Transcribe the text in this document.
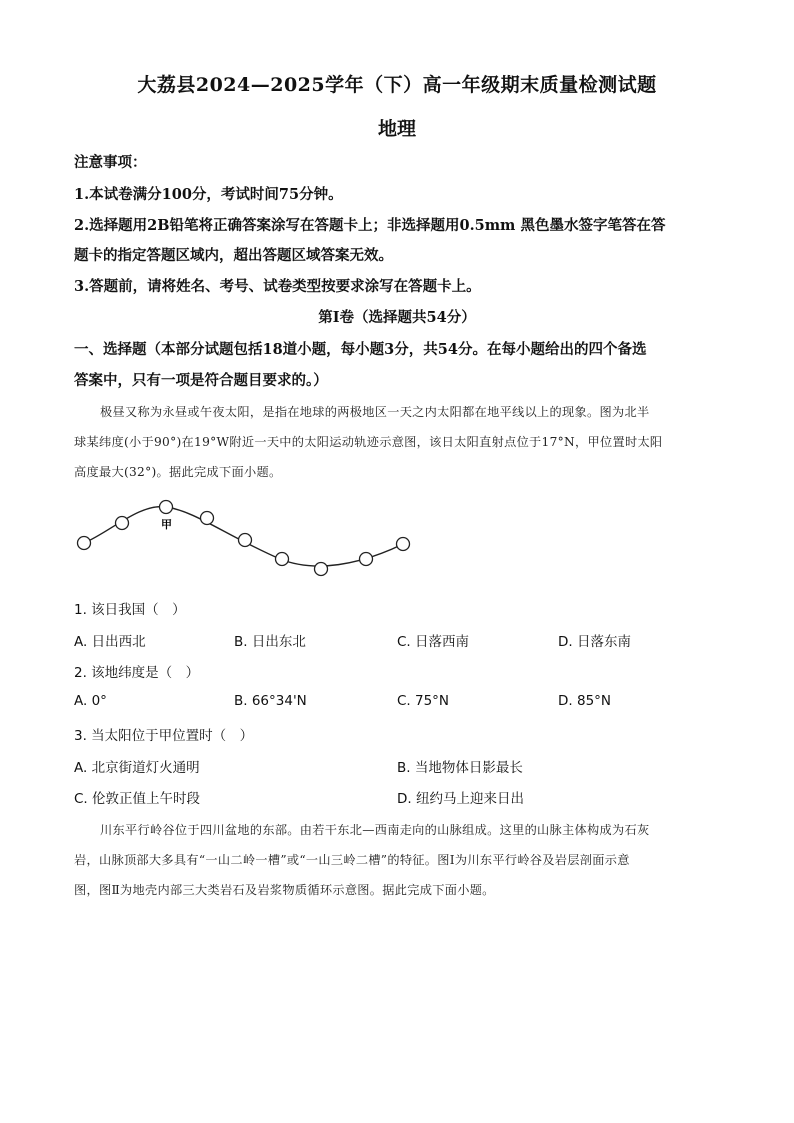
大荔县2024—2025学年（下）高一年级期末质量检测试题
地理
注意事项：
1.本试卷满分100分，考试时间75分钟。
2.选择题用2B铅笔将正确答案涂写在答题卡上；非选择题用0.5mm 黑色墨水签字笔答在答
题卡的指定答题区域内，超出答题区域答案无效。
3.答题前，请将姓名、考号、试卷类型按要求涂写在答题卡上。
第Ⅰ卷（选择题共54分）
一、选择题（本部分试题包括18道小题，每小题3分，共54分。在每小题给出的四个备选
答案中，只有一项是符合题目要求的。）
极昼又称为永昼或午夜太阳，是指在地球的两极地区一天之内太阳都在地平线以上的现象。图为北半
球某纬度(小于90°)在19°W附近一天中的太阳运动轨迹示意图，该日太阳直射点位于17°N，甲位置时太阳
高度最大(32°)。据此完成下面小题。
甲
1. 该日我国（　）
A. 日出西北	B. 日出东北	C. 日落西南	D. 日落东南
2. 该地纬度是（　）
A. 0°	B. 66°34'N	C. 75°N	D. 85°N
3. 当太阳位于甲位置时（　）
A. 北京街道灯火通明	B. 当地物体日影最长
C. 伦敦正值上午时段	D. 纽约马上迎来日出
川东平行岭谷位于四川盆地的东部。由若干东北—西南走向的山脉组成。这里的山脉主体构成为石灰
岩，山脉顶部大多具有“一山二岭一槽”或“一山三岭二槽”的特征。图Ⅰ为川东平行岭谷及岩层剖面示意
图，图Ⅱ为地壳内部三大类岩石及岩浆物质循环示意图。据此完成下面小题。
